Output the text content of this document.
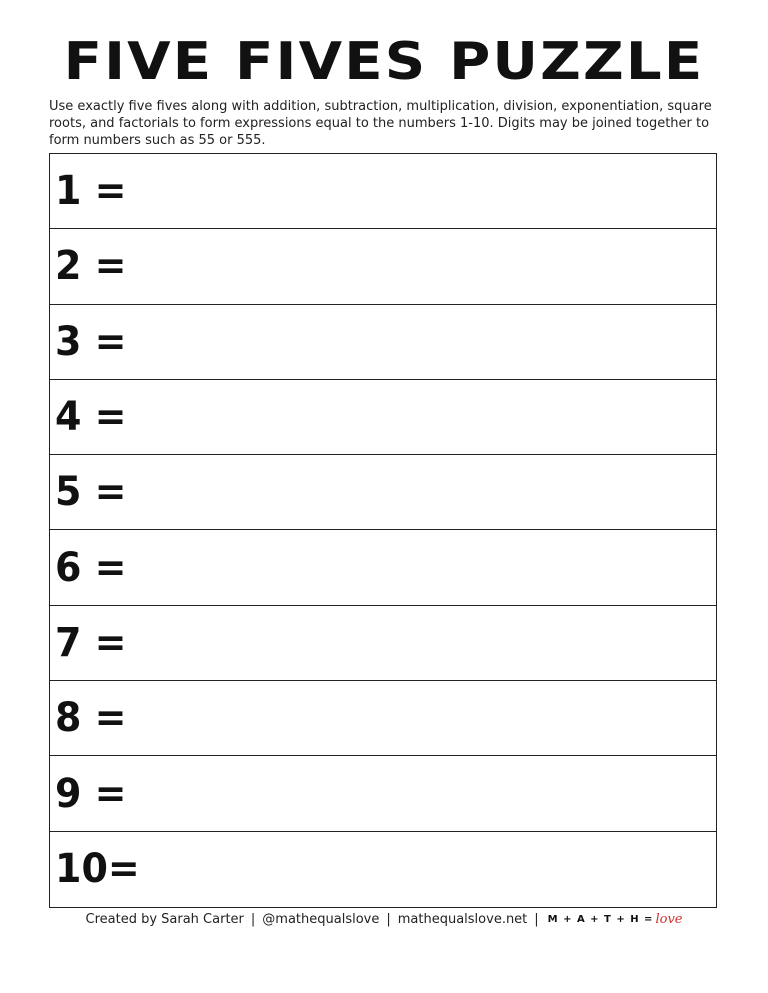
FIVE FIVES PUZZLE
Use exactly five fives along with addition, subtraction, multiplication, division, exponentiation, square roots, and factorials to form expressions equal to the numbers 1-10. Digits may be joined together to form numbers such as 55 or 555.
1 =
2 =
3 =
4 =
5 =
6 =
7 =
8 =
9 =
10=
Created by Sarah Carter | @mathequalslove | mathequalslove.net | M + A + T + H = love
